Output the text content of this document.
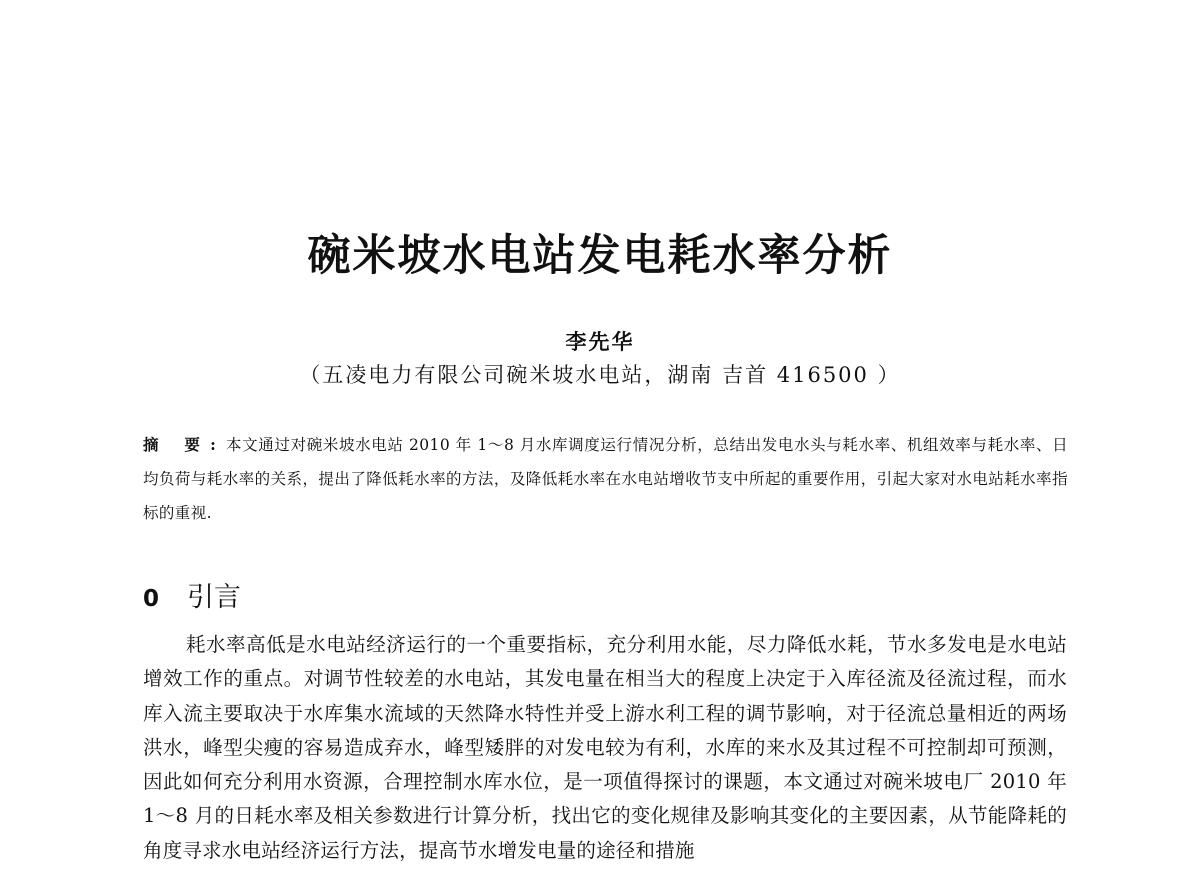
碗米坡水电站发电耗水率分析
李先华
（五凌电力有限公司碗米坡水电站，湖南 吉首 416500 ）
摘 要:本文通过对碗米坡水电站 2010 年 1～8 月水库调度运行情况分析，总结出发电水头与耗水率、机组效率与耗水率、日均负荷与耗水率的关系，提出了降低耗水率的方法，及降低耗水率在水电站增收节支中所起的重要作用，引起大家对水电站耗水率指标的重视.
0 引言
耗水率高低是水电站经济运行的一个重要指标，充分利用水能，尽力降低水耗，节水多发电是水电站增效工作的重点。对调节性较差的水电站，其发电量在相当大的程度上决定于入库径流及径流过程，而水库入流主要取决于水库集水流域的天然降水特性并受上游水利工程的调节影响，对于径流总量相近的两场洪水，峰型尖瘦的容易造成弃水，峰型矮胖的对发电较为有利，水库的来水及其过程不可控制却可预测，因此如何充分利用水资源，合理控制水库水位，是一项值得探讨的课题，本文通过对碗米坡电厂 2010 年 1～8 月的日耗水率及相关参数进行计算分析，找出它的变化规律及影响其变化的主要因素，从节能降耗的角度寻求水电站经济运行方法，提高节水增发电量的途径和措施
